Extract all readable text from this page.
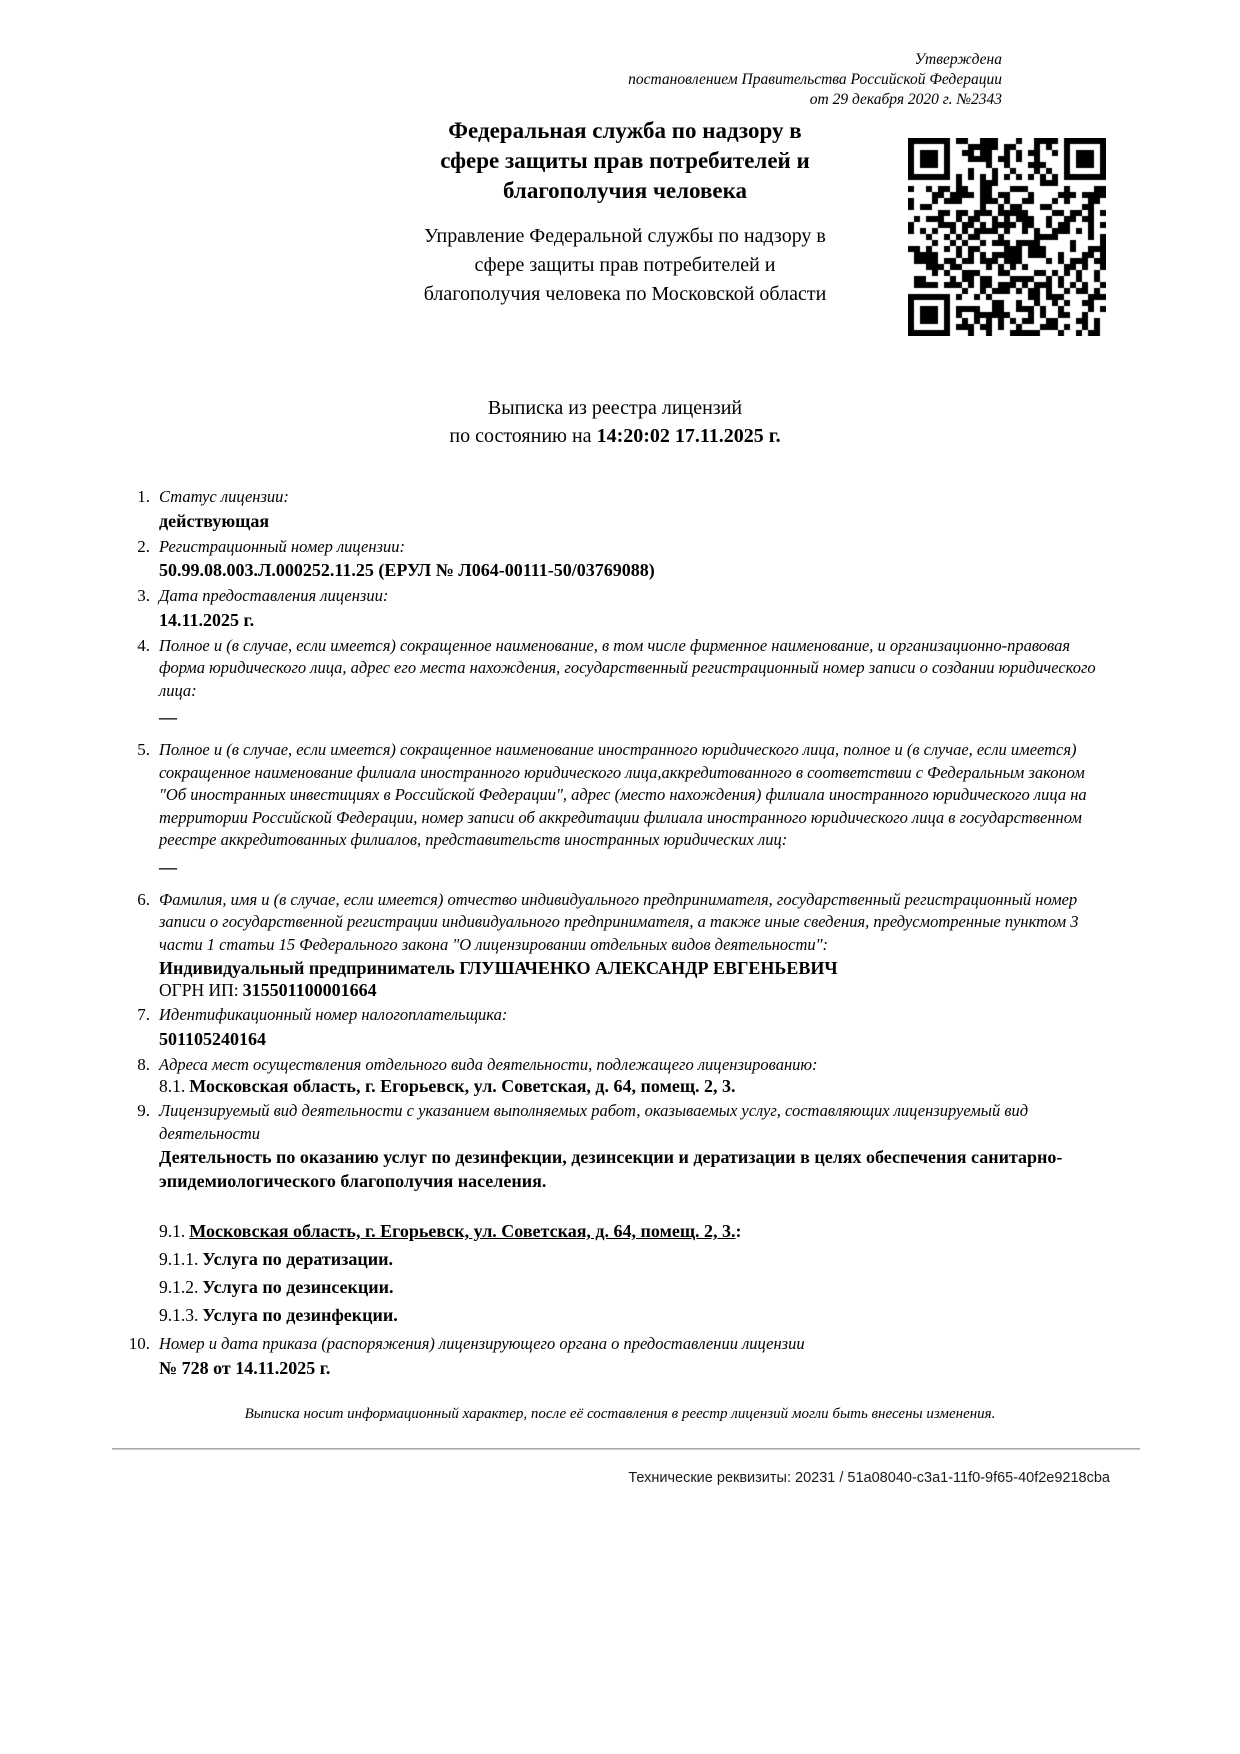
Утверждена
постановлением Правительства Российской Федерации
от 29 декабря 2020 г. №2343
Федеральная служба по надзору в
сфере защиты прав потребителей и
благополучия человека
Управление Федеральной службы по надзору в
сфере защиты прав потребителей и
благополучия человека по Московской области
Выписка из реестра лицензий
по состоянию на 14:20:02 17.11.2025 г.
1. Статус лицензии:
действующая
2. Регистрационный номер лицензии:
50.99.08.003.Л.000252.11.25 (ЕРУЛ № Л064-00111-50/03769088)
3. Дата предоставления лицензии:
14.11.2025 г.
4. Полное и (в случае, если имеется) сокращенное наименование, в том числе фирменное наименование, и организационно-правовая форма юридического лица, адрес его места нахождения, государственный регистрационный номер записи о создании юридического лица:
—
5. Полное и (в случае, если имеется) сокращенное наименование иностранного юридического лица, полное и (в случае, если имеется) сокращенное наименование филиала иностранного юридического лица,аккредитованного в соответствии с Федеральным законом "Об иностранных инвестициях в Российской Федерации", адрес (место нахождения) филиала иностранного юридического лица на территории Российской Федерации, номер записи об аккредитации филиала иностранного юридического лица в государственном реестре аккредитованных филиалов, представительств иностранных юридических лиц:
—
6. Фамилия, имя и (в случае, если имеется) отчество индивидуального предпринимателя, государственный регистрационный номер записи о государственной регистрации индивидуального предпринимателя, а также иные сведения, предусмотренные пунктом 3 части 1 статьи 15 Федерального закона "О лицензировании отдельных видов деятельности":
Индивидуальный предприниматель ГЛУШАЧЕНКО АЛЕКСАНДР ЕВГЕНЬЕВИЧ
ОГРН ИП: 315501100001664
7. Идентификационный номер налогоплательщика:
501105240164
8. Адреса мест осуществления отдельного вида деятельности, подлежащего лицензированию:
8.1. Московская область, г. Егорьевск, ул. Советская, д. 64, помещ. 2, 3.
9. Лицензируемый вид деятельности с указанием выполняемых работ, оказываемых услуг, составляющих лицензируемый вид деятельности
Деятельность по оказанию услуг по дезинфекции, дезинсекции и дератизации в целях обеспечения санитарно-эпидемиологического благополучия населения.
9.1. Московская область, г. Егорьевск, ул. Советская, д. 64, помещ. 2, 3.:
9.1.1. Услуга по дератизации.
9.1.2. Услуга по дезинсекции.
9.1.3. Услуга по дезинфекции.
10. Номер и дата приказа (распоряжения) лицензирующего органа о предоставлении лицензии
№ 728 от 14.11.2025 г.
Выписка носит информационный характер, после её составления в реестр лицензий могли быть внесены изменения.
Технические реквизиты: 20231 / 51a08040-c3a1-11f0-9f65-40f2e9218cba
